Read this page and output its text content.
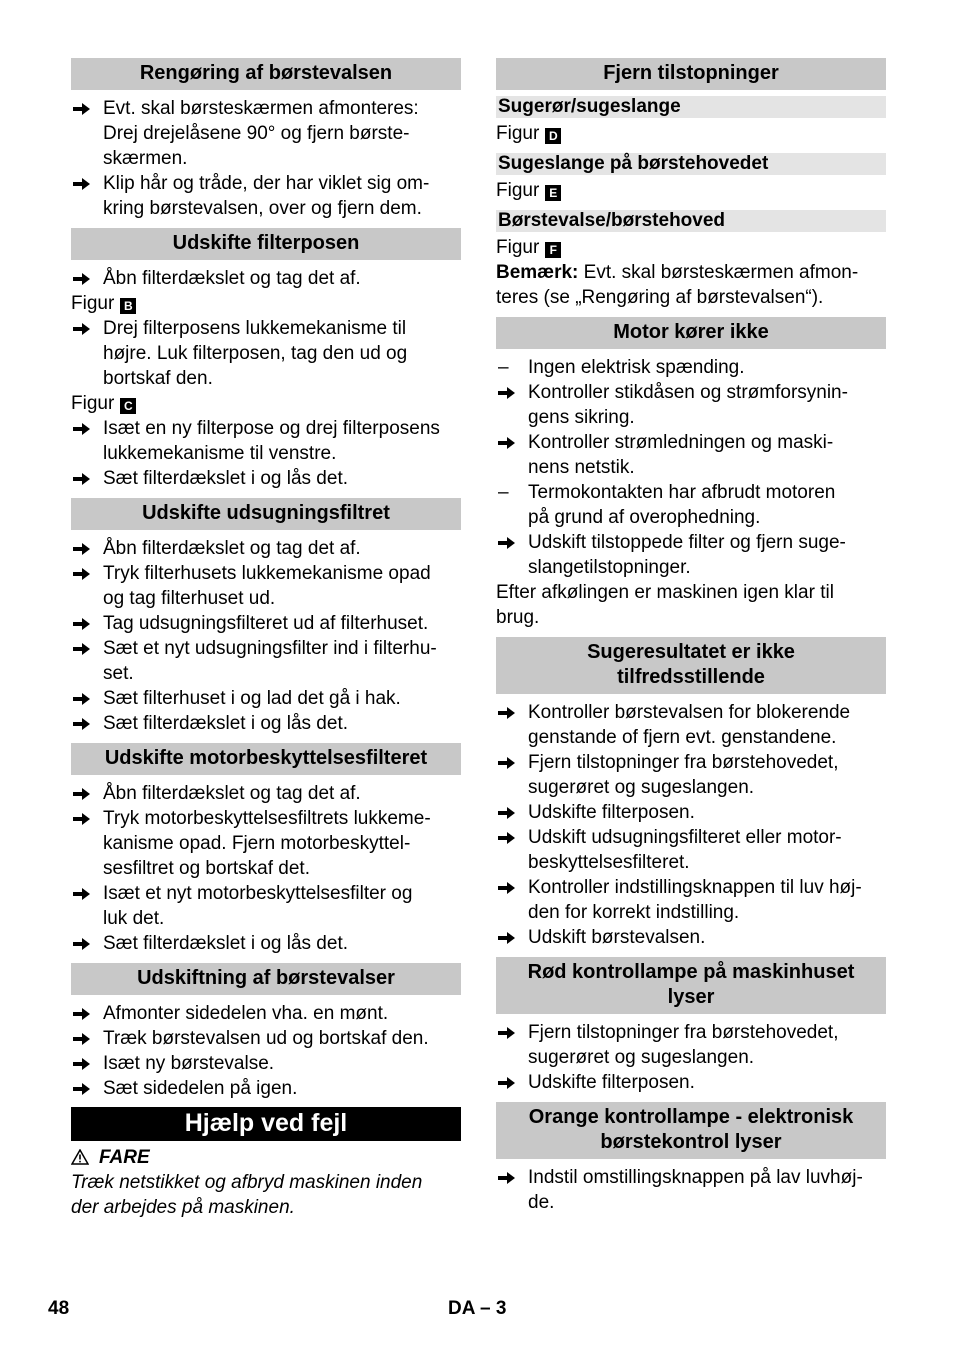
Rengøring af børstevalsen
Evt. skal børsteskærmen afmonteres:
Drej drejelåsene 90° og fjern børste-
skærmen.
Klip hår og tråde, der har viklet sig om-
kring børstevalsen, over og fjern dem.
Udskifte filterposen
Åbn filterdækslet og tag det af.
Figur B
Drej filterposens lukkemekanisme til
højre. Luk filterposen, tag den ud og
bortskaf den.
Figur C
Isæt en ny filterpose og drej filterposens
lukkemekanisme til venstre.
Sæt filterdækslet i og lås det.
Udskifte udsugningsfiltret
Åbn filterdækslet og tag det af.
Tryk filterhusets lukkemekanisme opad
og tag filterhuset ud.
Tag udsugningsfilteret ud af filterhuset.
Sæt et nyt udsugningsfilter ind i filterhu-
set.
Sæt filterhuset i og lad det gå i hak.
Sæt filterdækslet i og lås det.
Udskifte motorbeskyttelsesfilteret
Åbn filterdækslet og tag det af.
Tryk motorbeskyttelsesfiltrets lukkeme-
kanisme opad. Fjern motorbeskyttel-
sesfiltret og bortskaf det.
Isæt et nyt motorbeskyttelsesfilter og
luk det.
Sæt filterdækslet i og lås det.
Udskiftning af børstevalser
Afmonter sidedelen vha. en mønt.
Træk børstevalsen ud og bortskaf den.
Isæt ny børstevalse.
Sæt sidedelen på igen.
Hjælp ved fejl
FARE
Træk netstikket og afbryd maskinen inden
der arbejdes på maskinen.
Fjern tilstopninger
Sugerør/sugeslange
Figur D
Sugeslange på børstehovedet
Figur E
Børstevalse/børstehoved
Figur F
Bemærk: Evt. skal børsteskærmen afmon-
teres (se „Rengøring af børstevalsen“).
Motor kører ikke
–	Ingen elektrisk spænding.
Kontroller stikdåsen og strømforsynin-
gens sikring.
Kontroller strømledningen og maski-
nens netstik.
–	Termokontakten har afbrudt motoren
på grund af overophedning.
Udskift tilstoppede filter og fjern suge-
slangetilstopninger.
Efter afkølingen er maskinen igen klar til
brug.
Sugeresultatet er ikke
tilfredsstillende
Kontroller børstevalsen for blokerende
genstande of fjern evt. genstandene.
Fjern tilstopninger fra børstehovedet,
sugerøret og sugeslangen.
Udskifte filterposen.
Udskift udsugningsfilteret eller motor-
beskyttelsesfilteret.
Kontroller indstillingsknappen til luv høj-
den for korrekt indstilling.
Udskift børstevalsen.
Rød kontrollampe på maskinhuset
lyser
Fjern tilstopninger fra børstehovedet,
sugerøret og sugeslangen.
Udskifte filterposen.
Orange kontrollampe - elektronisk
børstekontrol lyser
Indstil omstillingsknappen på lav luvhøj-
de.
48	DA – 3
